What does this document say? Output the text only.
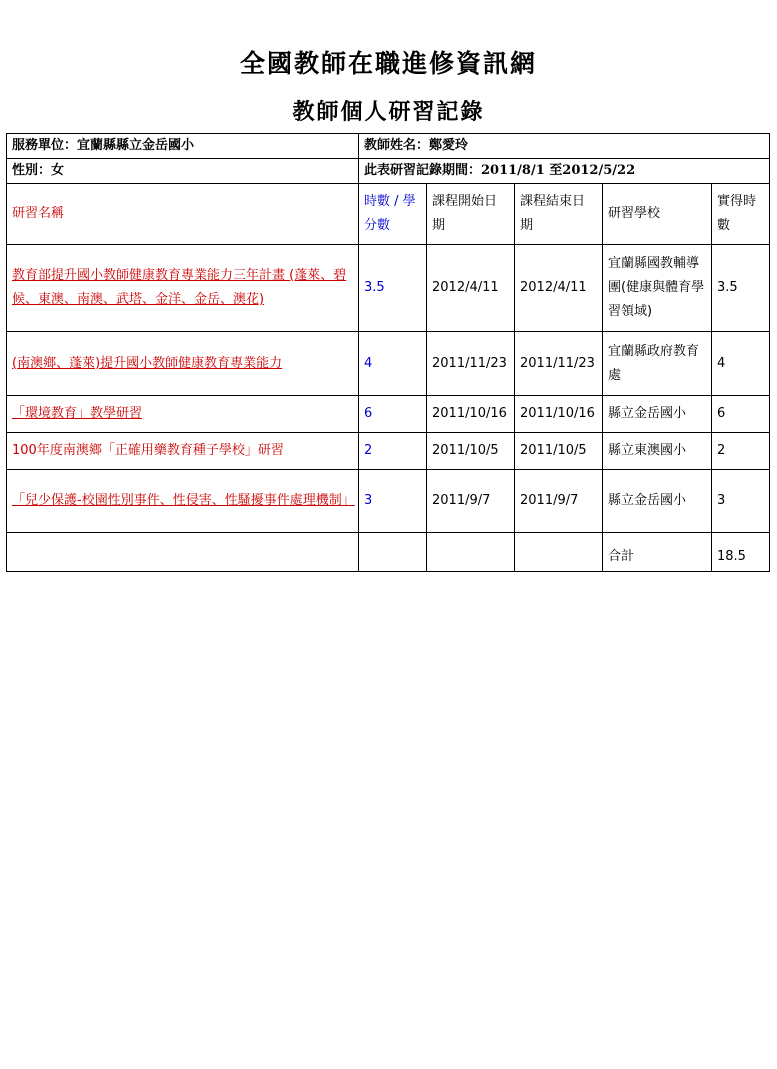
全國教師在職進修資訊網
教師個人研習記錄
服務單位：宜蘭縣縣立金岳國小	教師姓名：鄭愛玲				
性別：女	此表研習記錄期間：2011/8/1 至2012/5/22				
研習名稱	時數 / 學分數	課程開始日期	課程結束日期	研習學校	實得時數
教育部提升國小教師健康教育專業能力三年計畫 (蓬萊、碧候、東澳、南澳、武塔、金洋、金岳、澳花)	3.5	2012/4/11	2012/4/11	宜蘭縣國教輔導團(健康與體育學習領域)	3.5
(南澳鄉、蓬萊)提升國小教師健康教育專業能力	4	2011/11/23	2011/11/23	宜蘭縣政府教育處	4
「環境教育」教學研習	6	2011/10/16	2011/10/16	縣立金岳國小	6
100年度南澳鄉「正確用藥教育種子學校」研習	2	2011/10/5	2011/10/5	縣立東澳國小	2
「兒少保護-校園性別事件、性侵害、性騷擾事件處理機制」	3	2011/9/7	2011/9/7	縣立金岳國小	3
				合計	18.5
